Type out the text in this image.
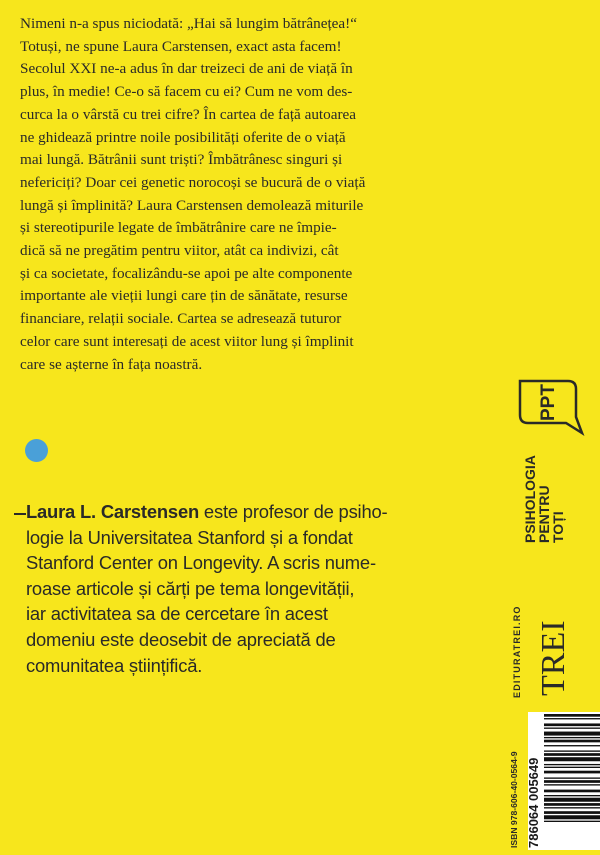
Nimeni n-a spus niciodată: „Hai să lungim bătrânețea!“

Totuși, ne spune Laura Carstensen, exact asta facem!

Secolul XXI ne-a adus în dar treizeci de ani de viață în

plus, în medie! Ce-o să facem cu ei? Cum ne vom des-

curca la o vârstă cu trei cifre? În cartea de față autoarea

ne ghidează printre noile posibilități oferite de o viață

mai lungă. Bătrânii sunt triști? Îmbătrânesc singuri și

nefericiți? Doar cei genetic norocoși se bucură de o viață

lungă și împlinită? Laura Carstensen demolează miturile

și stereotipurile legate de îmbătrânire care ne împie-

dică să ne pregătim pentru viitor, atât ca indivizi, cât

și ca societate, focalizându-se apoi pe alte componente

importante ale vieții lungi care țin de sănătate, resurse

financiare, relații sociale. Cartea se adresează tuturor

celor care sunt interesați de acest viitor lung și împlinit

care se așterne în fața noastră.

Laura L. Carstensen este profesor de psiho-

logie la Universitatea Stanford și a fondat

Stanford Center on Longevity. A scris nume-

roase articole și cărți pe tema longevității,

iar activitatea sa de cercetare în acest

domeniu este deosebit de apreciată de

comunitatea științifică.

PPT
PSIHOLOGIA
PENTRU
TOȚI
EDITURATREI.RO TREI
ISBN 978-606-40-0564-9 786064 005649
